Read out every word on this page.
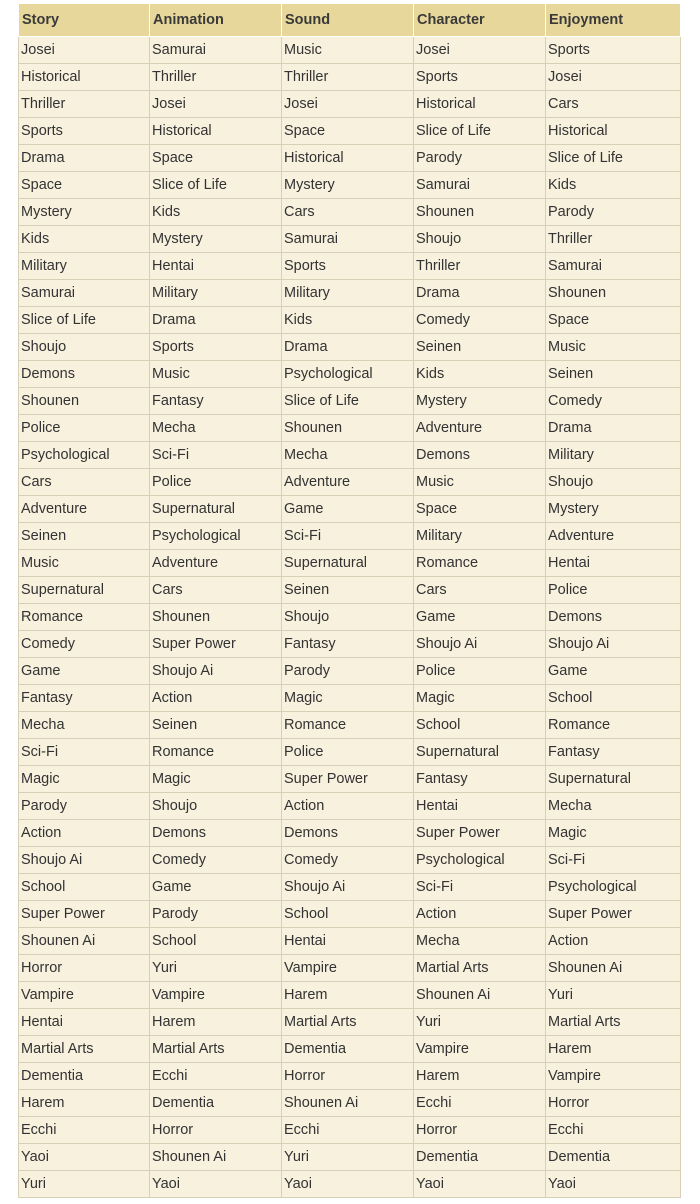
Story	Animation	Sound	Character	Enjoyment
Josei	Samurai	Music	Josei	Sports
Historical	Thriller	Thriller	Sports	Josei
Thriller	Josei	Josei	Historical	Cars
Sports	Historical	Space	Slice of Life	Historical
Drama	Space	Historical	Parody	Slice of Life
Space	Slice of Life	Mystery	Samurai	Kids
Mystery	Kids	Cars	Shounen	Parody
Kids	Mystery	Samurai	Shoujo	Thriller
Military	Hentai	Sports	Thriller	Samurai
Samurai	Military	Military	Drama	Shounen
Slice of Life	Drama	Kids	Comedy	Space
Shoujo	Sports	Drama	Seinen	Music
Demons	Music	Psychological	Kids	Seinen
Shounen	Fantasy	Slice of Life	Mystery	Comedy
Police	Mecha	Shounen	Adventure	Drama
Psychological	Sci-Fi	Mecha	Demons	Military
Cars	Police	Adventure	Music	Shoujo
Adventure	Supernatural	Game	Space	Mystery
Seinen	Psychological	Sci-Fi	Military	Adventure
Music	Adventure	Supernatural	Romance	Hentai
Supernatural	Cars	Seinen	Cars	Police
Romance	Shounen	Shoujo	Game	Demons
Comedy	Super Power	Fantasy	Shoujo Ai	Shoujo Ai
Game	Shoujo Ai	Parody	Police	Game
Fantasy	Action	Magic	Magic	School
Mecha	Seinen	Romance	School	Romance
Sci-Fi	Romance	Police	Supernatural	Fantasy
Magic	Magic	Super Power	Fantasy	Supernatural
Parody	Shoujo	Action	Hentai	Mecha
Action	Demons	Demons	Super Power	Magic
Shoujo Ai	Comedy	Comedy	Psychological	Sci-Fi
School	Game	Shoujo Ai	Sci-Fi	Psychological
Super Power	Parody	School	Action	Super Power
Shounen Ai	School	Hentai	Mecha	Action
Horror	Yuri	Vampire	Martial Arts	Shounen Ai
Vampire	Vampire	Harem	Shounen Ai	Yuri
Hentai	Harem	Martial Arts	Yuri	Martial Arts
Martial Arts	Martial Arts	Dementia	Vampire	Harem
Dementia	Ecchi	Horror	Harem	Vampire
Harem	Dementia	Shounen Ai	Ecchi	Horror
Ecchi	Horror	Ecchi	Horror	Ecchi
Yaoi	Shounen Ai	Yuri	Dementia	Dementia
Yuri	Yaoi	Yaoi	Yaoi	Yaoi
